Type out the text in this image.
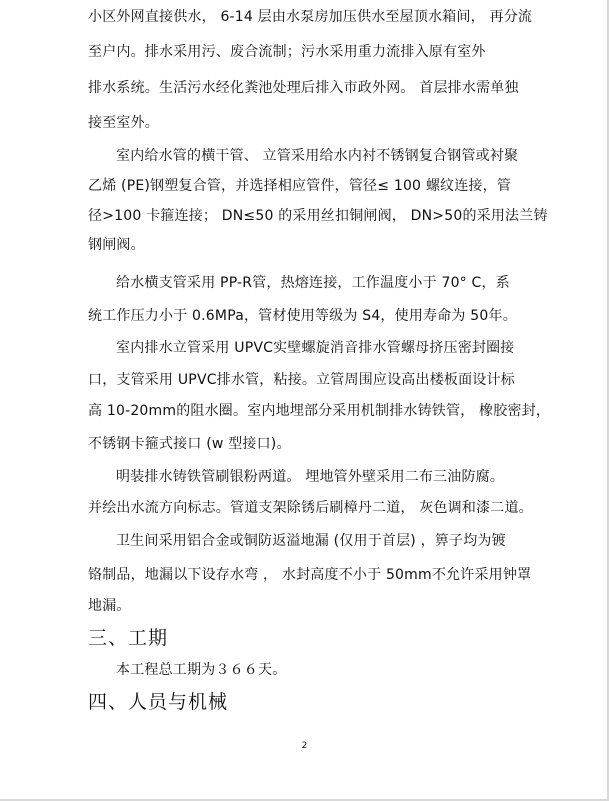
小区外网直接供水， 6-14 层由水泵房加压供水至屋顶水箱间， 再分流
至户内。排水采用污、废合流制；污水采用重力流排入原有室外
排水系统。生活污水经化粪池处理后排入市政外网。 首层排水需单独
接至室外。
室内给水管的横干管、 立管采用给水内衬不锈钢复合钢管或衬聚
乙烯 (PE)钢塑复合管，并选择相应管件，管径≤ 100 螺纹连接，管
径>100 卡箍连接； DN≤50 的采用丝扣铜闸阀， DN>50的采用法兰铸
钢闸阀。
给水横支管采用 PP-R管，热熔连接，工作温度小于 70° C，系
统工作压力小于 0.6MPa，管材使用等级为 S4，使用寿命为 50年。
室内排水立管采用 UPVC实壁螺旋消音排水管螺母挤压密封圈接
口，支管采用 UPVC排水管，粘接。立管周围应设高出楼板面设计标
高 10-20mm的阻水圈。室内地埋部分采用机制排水铸铁管， 橡胶密封，
不锈钢卡箍式接口 (w 型接口)。
明装排水铸铁管刷银粉两道。 埋地管外壁采用二布三油防腐。
并绘出水流方向标志。管道支架除锈后刷樟丹二道， 灰色调和漆二道。
卫生间采用铝合金或铜防返溢地漏 (仅用于首层) ，箅子均为镀
铬制品，地漏以下设存水弯 ， 水封高度不小于 50mm不允许采用钟罩
地漏。
三、工期
本工程总工期为３６６天。
四、人员与机械
2
